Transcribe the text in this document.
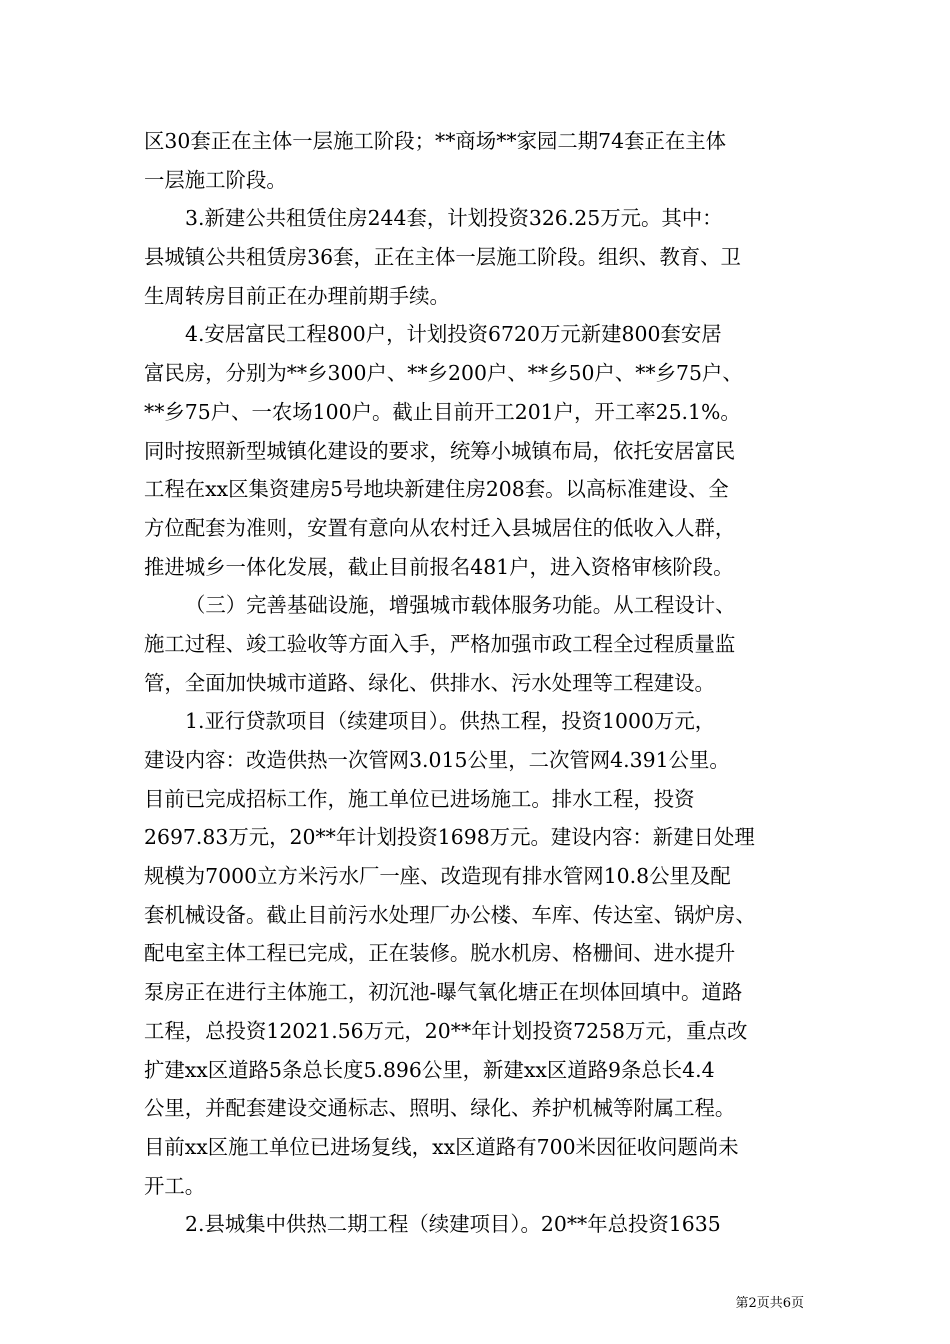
区30套正在主体一层施工阶段；**商场**家园二期74套正在主体
一层施工阶段。
3.新建公共租赁住房244套，计划投资326.25万元。其中：
县城镇公共租赁房36套，正在主体一层施工阶段。组织、教育、卫
生周转房目前正在办理前期手续。
4.安居富民工程800户，计划投资6720万元新建800套安居
富民房，分别为**乡300户、**乡200户、**乡50户、**乡75户、
**乡75户、一农场100户。截止目前开工201户，开工率25.1%。
同时按照新型城镇化建设的要求，统筹小城镇布局，依托安居富民
工程在xx区集资建房5号地块新建住房208套。以高标准建设、全
方位配套为准则，安置有意向从农村迁入县城居住的低收入人群，
推进城乡一体化发展，截止目前报名481户，进入资格审核阶段。
（三）完善基础设施，增强城市载体服务功能。从工程设计、
施工过程、竣工验收等方面入手，严格加强市政工程全过程质量监
管，全面加快城市道路、绿化、供排水、污水处理等工程建设。
1.亚行贷款项目（续建项目）。供热工程，投资1000万元，
建设内容：改造供热一次管网3.015公里，二次管网4.391公里。
目前已完成招标工作，施工单位已进场施工。排水工程，投资
2697.83万元，20**年计划投资1698万元。建设内容：新建日处理
规模为7000立方米污水厂一座、改造现有排水管网10.8公里及配
套机械设备。截止目前污水处理厂办公楼、车库、传达室、锅炉房、
配电室主体工程已完成，正在装修。脱水机房、格栅间、进水提升
泵房正在进行主体施工，初沉池-曝气氧化塘正在坝体回填中。道路
工程，总投资12021.56万元，20**年计划投资7258万元，重点改
扩建xx区道路5条总长度5.896公里，新建xx区道路9条总长4.4
公里，并配套建设交通标志、照明、绿化、养护机械等附属工程。
目前xx区施工单位已进场复线，xx区道路有700米因征收问题尚未
开工。
2.县城集中供热二期工程（续建项目）。20**年总投资1635
第2页共6页
